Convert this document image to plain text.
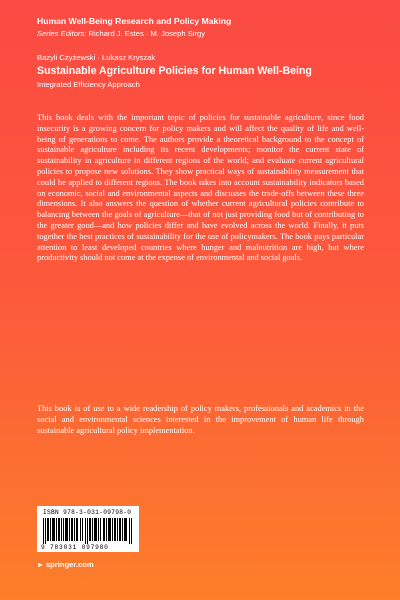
Human Well-Being Research and Policy Making
Series Editors: Richard J. Estes · M. Joseph Sirgy
Bazyli Czyżewski · Łukasz Kryszak
Sustainable Agriculture Policies for Human Well-Being
Integrated Efficiency Approach

This book deals with the important topic of policies for sustainable agriculture, since food insecurity is a growing concern for policy makers and will affect the quality of life and well-being of generations to come. The authors provide a theoretical background to the concept of sustainable agriculture including its recent developments; monitor the current state of sustainability in agriculture in different regions of the world; and evaluate current agricultural policies to propose new solutions. They show practical ways of sustainability measurement that could be applied to different regions. The book takes into account sustainability indicators based on economic, social and environmental aspects and discusses the trade-offs between these three dimensions. It also answers the question of whether current agricultural policies contribute to balancing between the goals of agriculture—that of not just providing food but of contributing to the greater good—and how policies differ and have evolved across the world. Finally, it puts together the best practices of sustainability for the use of policymakers. The book pays particular attention to least developed countries where hunger and malnutrition are high, but where productivity should not come at the expense of environmental and social goals.

This book is of use to a wide readership of policy makers, professionals and academics in the social and environmental sciences interested in the improvement of human life through sustainable agricultural policy implementation.

ISBN 978-3-031-09798-0
9 783031 097980
► springer.com
